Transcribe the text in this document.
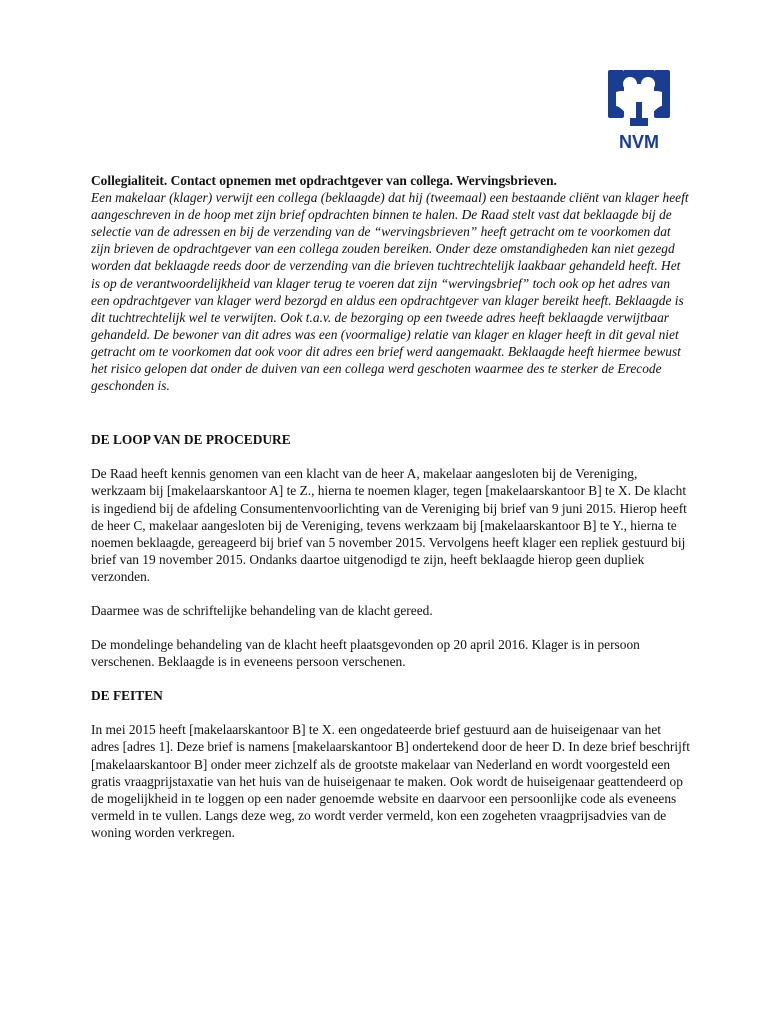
NVM

Collegialiteit. Contact opnemen met opdrachtgever van collega. Wervingsbrieven.

Een makelaar (klager) verwijt een collega (beklaagde) dat hij (tweemaal) een bestaande cliënt van klager heeft aangeschreven in de hoop met zijn brief opdrachten binnen te halen. De Raad stelt vast dat beklaagde bij de selectie van de adressen en bij de verzending van de “wervingsbrieven” heeft getracht om te voorkomen dat zijn brieven de opdrachtgever van een collega zouden bereiken. Onder deze omstandigheden kan niet gezegd worden dat beklaagde reeds door de verzending van die brieven tuchtrechtelijk laakbaar gehandeld heeft. Het is op de verantwoordelijkheid van klager terug te voeren dat zijn “wervingsbrief” toch ook op het adres van een opdrachtgever van klager werd bezorgd en aldus een opdrachtgever van klager bereikt heeft. Beklaagde is dit tuchtrechtelijk wel te verwijten. Ook t.a.v. de bezorging op een tweede adres heeft beklaagde verwijtbaar gehandeld. De bewoner van dit adres was een (voormalige) relatie van klager en klager heeft in dit geval niet getracht om te voorkomen dat ook voor dit adres een brief werd aangemaakt. Beklaagde heeft hiermee bewust het risico gelopen dat onder de duiven van een collega werd geschoten waarmee des te sterker de Erecode geschonden is.

DE LOOP VAN DE PROCEDURE

De Raad heeft kennis genomen van een klacht van de heer A, makelaar aangesloten bij de Vereniging, werkzaam bij [makelaarskantoor A] te Z., hierna te noemen klager, tegen [makelaarskantoor B] te X. De klacht is ingediend bij de afdeling Consumentenvoorlichting van de Vereniging bij brief van 9 juni 2015. Hierop heeft de heer C, makelaar aangesloten bij de Vereniging, tevens werkzaam bij [makelaarskantoor B] te Y., hierna te noemen beklaagde, gereageerd bij brief van 5 november 2015. Vervolgens heeft klager een repliek gestuurd bij brief van 19 november 2015. Ondanks daartoe uitgenodigd te zijn, heeft beklaagde hierop geen dupliek verzonden.

Daarmee was de schriftelijke behandeling van de klacht gereed.

De mondelinge behandeling van de klacht heeft plaatsgevonden op 20 april 2016. Klager is in persoon verschenen. Beklaagde is in eveneens persoon verschenen.

DE FEITEN

In mei 2015 heeft [makelaarskantoor B] te X. een ongedateerde brief gestuurd aan de huiseigenaar van het adres [adres 1]. Deze brief is namens [makelaarskantoor B] ondertekend door de heer D. In deze brief beschrijft [makelaarskantoor B] onder meer zichzelf als de grootste makelaar van Nederland en wordt voorgesteld een gratis vraagprijstaxatie van het huis van de huiseigenaar te maken. Ook wordt de huiseigenaar geattendeerd op de mogelijkheid in te loggen op een nader genoemde website en daarvoor een persoonlijke code als eveneens vermeld in te vullen. Langs deze weg, zo wordt verder vermeld, kon een zogeheten vraagprijsadvies van de woning worden verkregen.
